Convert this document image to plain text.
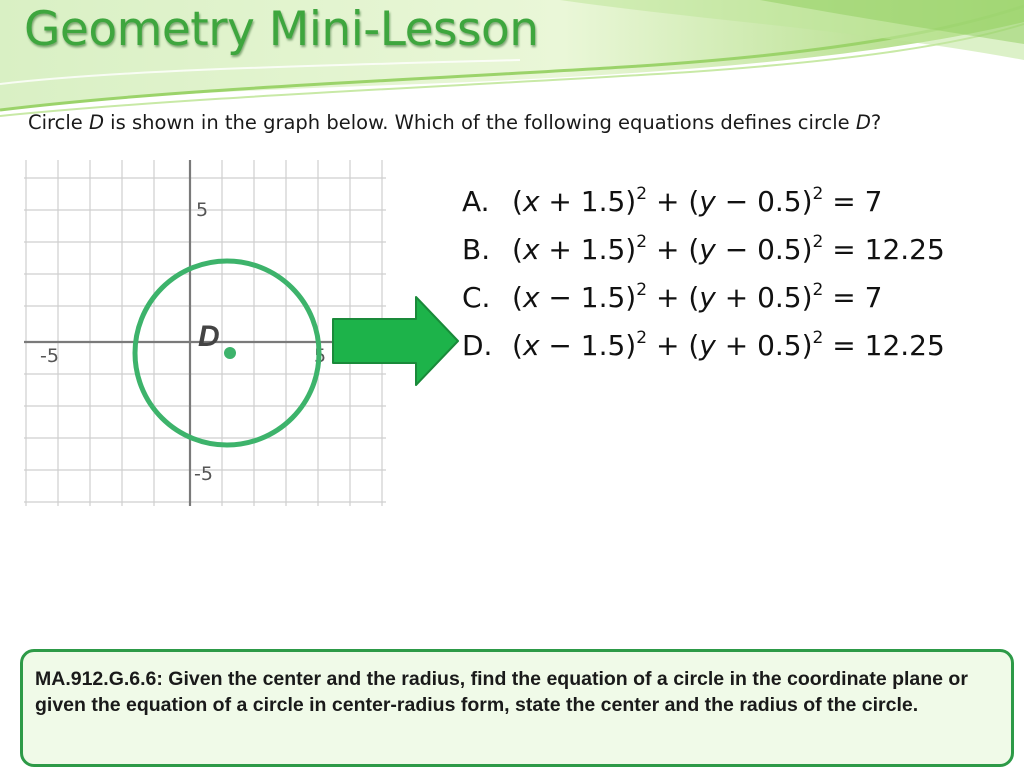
Geometry Mini-Lesson
Circle D is shown in the graph below. Which of the following equations defines circle D?
5
-5
-5	5
D
A. $(x + 1.5)^2 + (y - 0.5)^2 = 7$
B. $(x + 1.5)^2 + (y - 0.5)^2 = 12.25$
C. $(x - 1.5)^2 + (y + 0.5)^2 = 7$
D. $(x - 1.5)^2 + (y + 0.5)^2 = 12.25$
MA.912.G.6.6: Given the center and the radius, find the equation of a circle in the coordinate plane or given the equation of a circle in center-radius form, state the center and the radius of the circle.
